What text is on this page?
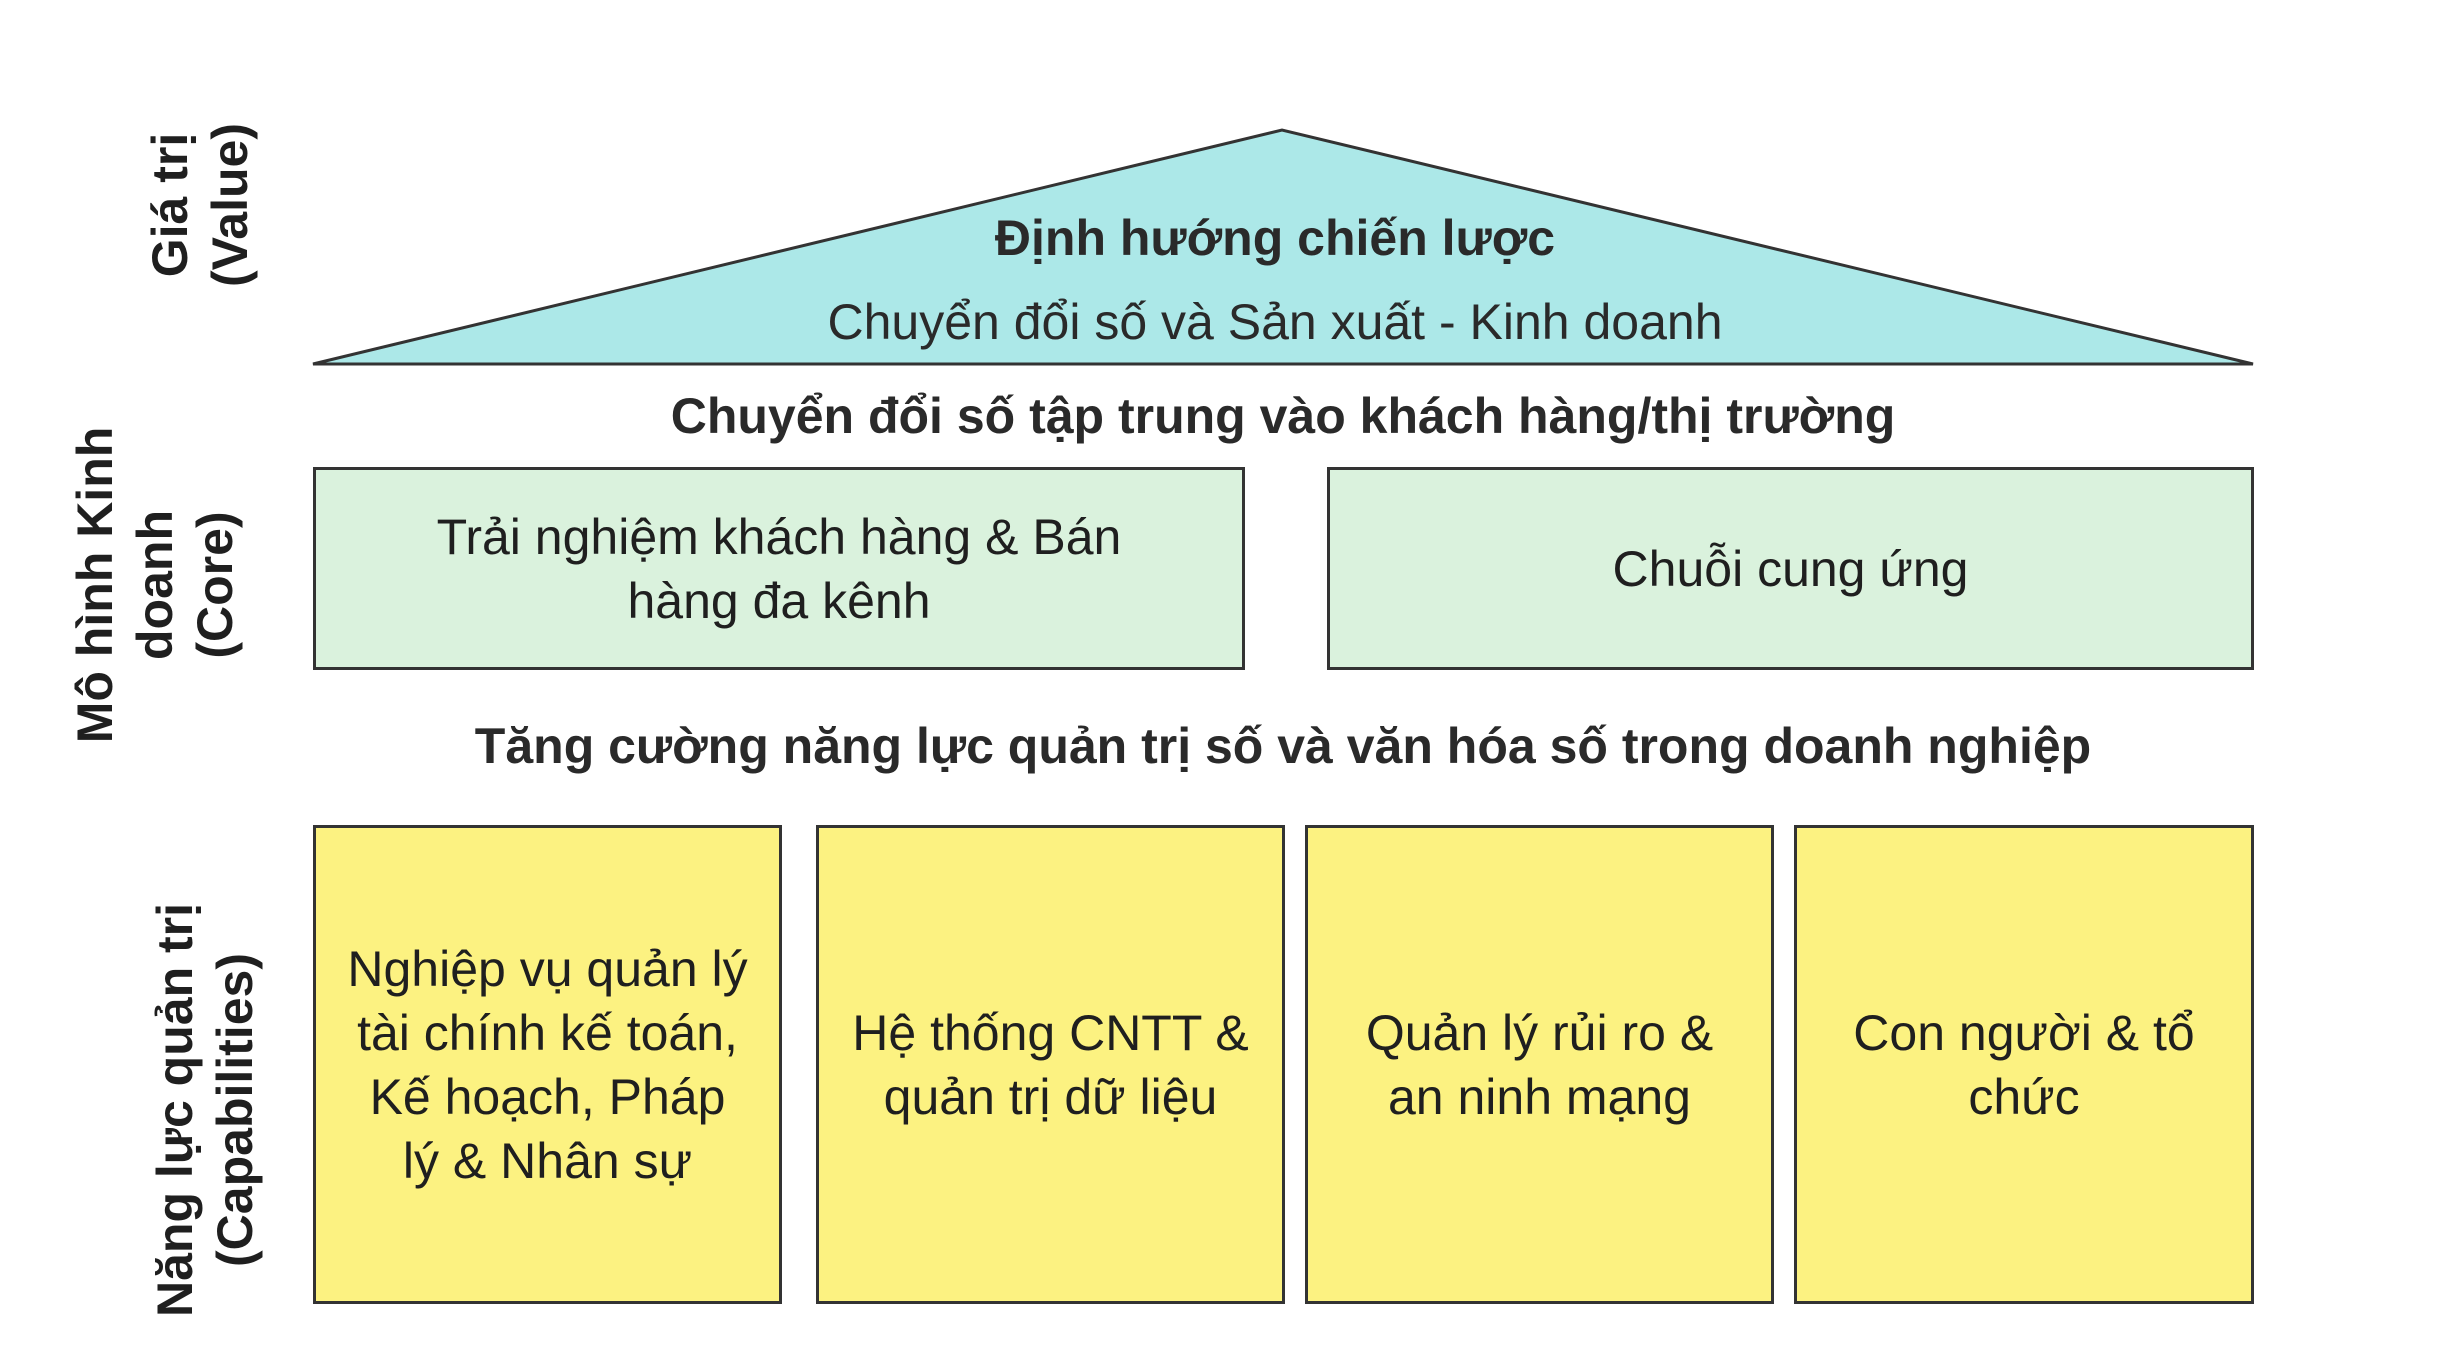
Giá trị (Value)
Mô hình Kinh doanh (Core)
Năng lực quản trị (Capabilities)
Định hướng chiến lược
Chuyển đổi số và Sản xuất - Kinh doanh
Chuyển đổi số tập trung vào khách hàng/thị trường
Trải nghiệm khách hàng & Bán hàng đa kênh
Chuỗi cung ứng
Tăng cường năng lực quản trị số và văn hóa số trong doanh nghiệp
Nghiệp vụ quản lý tài chính kế toán, Kế hoạch, Pháp lý & Nhân sự
Hệ thống CNTT & quản trị dữ liệu
Quản lý rủi ro & an ninh mạng
Con người & tổ chức
